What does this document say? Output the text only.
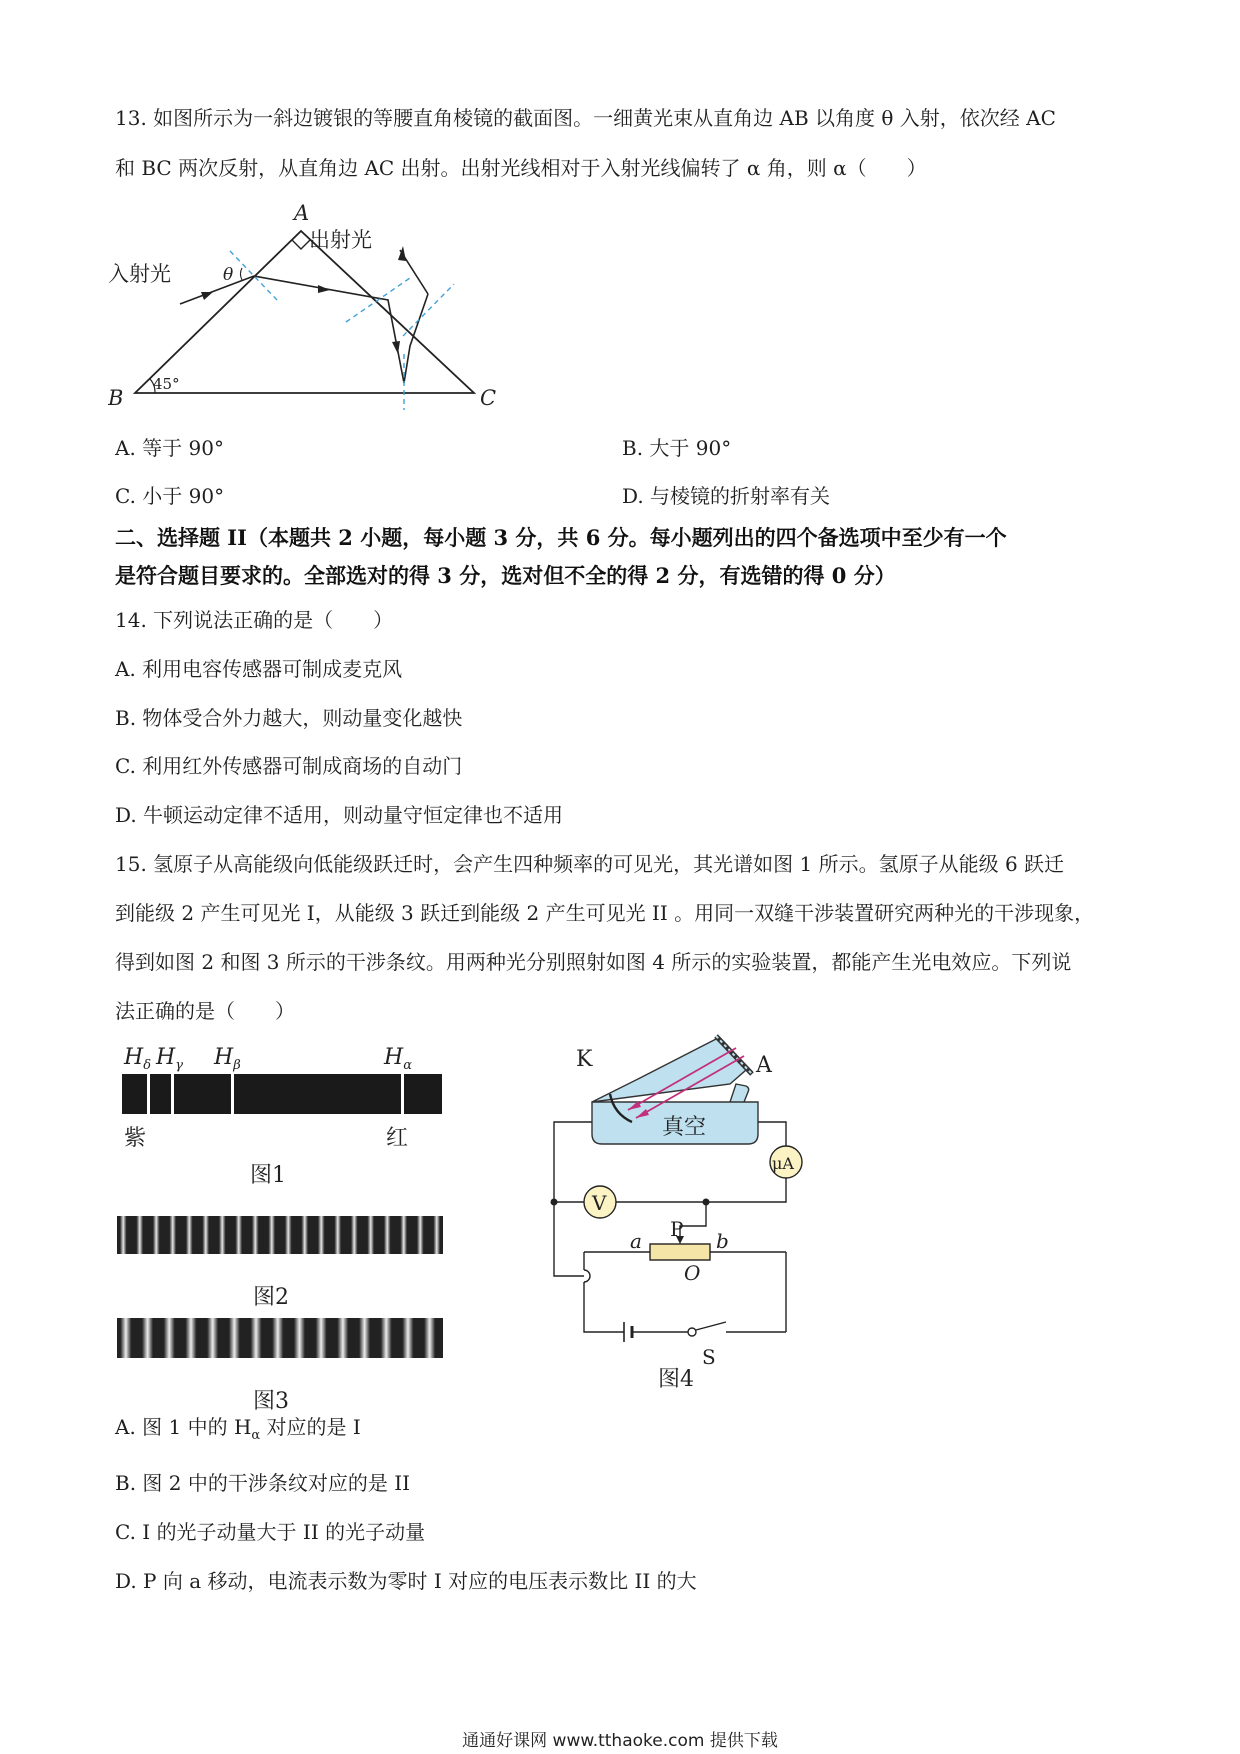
13. 如图所示为一斜边镀银的等腰直角棱镜的截面图。一细黄光束从直角边 AB 以角度 θ 入射，依次经 AC
和 BC 两次反射，从直角边 AC 出射。出射光线相对于入射光线偏转了 α 角，则 α（　　）
A
B	C
45°
θ
入射光
出射光
A. 等于 90°	B. 大于 90°
C. 小于 90°	D. 与棱镜的折射率有关
二、选择题 II（本题共 2 小题，每小题 3 分，共 6 分。每小题列出的四个备选项中至少有一个
是符合题目要求的。全部选对的得 3 分，选对但不全的得 2 分，有选错的得 0 分）
14. 下列说法正确的是（　　）
A. 利用电容传感器可制成麦克风
B. 物体受合外力越大，则动量变化越快
C. 利用红外传感器可制成商场的自动门
D. 牛顿运动定律不适用，则动量守恒定律也不适用
15. 氢原子从高能级向低能级跃迁时，会产生四种频率的可见光，其光谱如图 1 所示。氢原子从能级 6 跃迁
到能级 2 产生可见光 I，从能级 3 跃迁到能级 2 产生可见光 II 。用同一双缝干涉装置研究两种光的干涉现象，
得到如图 2 和图 3 所示的干涉条纹。用两种光分别照射如图 4 所示的实验装置，都能产生光电效应。下列说
法正确的是（　　）
$H_\delta$ $H_\gamma$ $H_\beta$	$H_\alpha$
紫	红
图1
图2
图3
K	A
真空
μA
V
a P b
O
S
图4
A. 图 1 中的 $H_\alpha$ 对应的是 I
B. 图 2 中的干涉条纹对应的是 II
C. I 的光子动量大于 II 的光子动量
D. P 向 a 移动，电流表示数为零时 I 对应的电压表示数比 II 的大
通通好课网 www.tthaoke.com 提供下载
